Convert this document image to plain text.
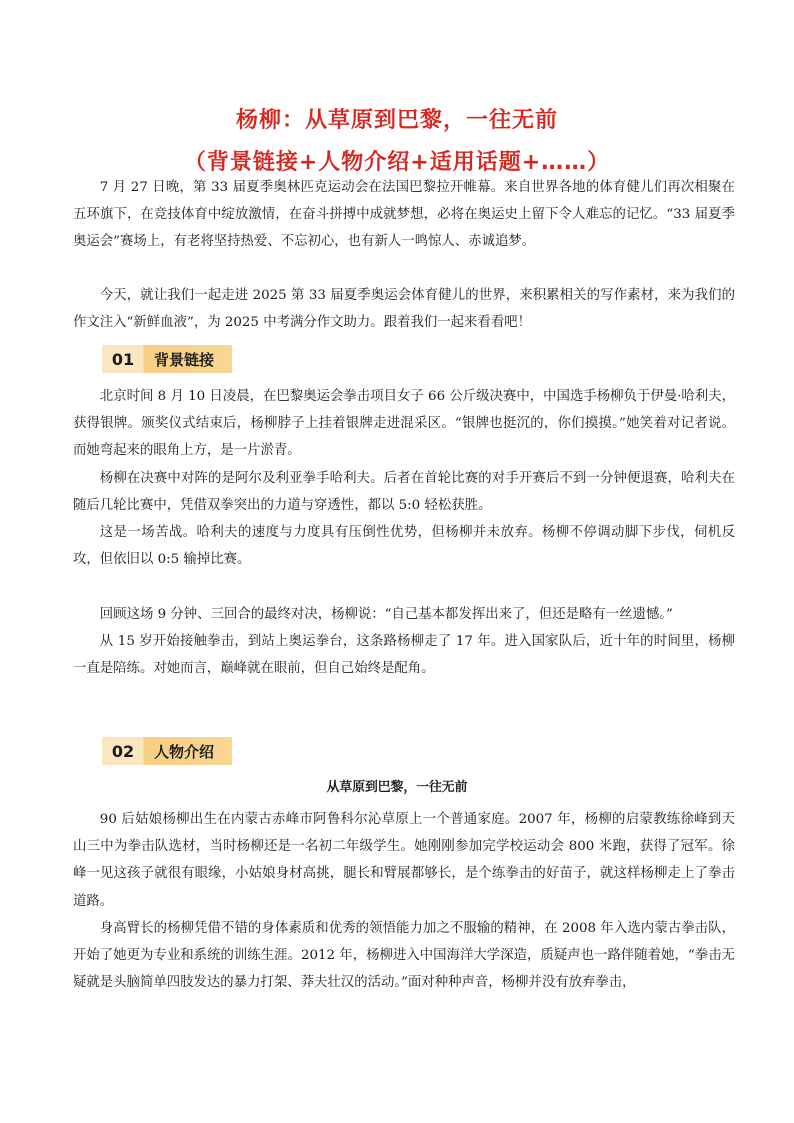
杨柳：从草原到巴黎，一往无前
（背景链接+人物介绍+适用话题+……）

7 月 27 日晚，第 33 届夏季奥林匹克运动会在法国巴黎拉开帷幕。来自世界各地的体育健儿们再次相聚在五环旗下，在竞技体育中绽放激情，在奋斗拼搏中成就梦想，必将在奥运史上留下令人难忘的记忆。“33 届夏季奥运会”赛场上，有老将坚持热爱、不忘初心，也有新人一鸣惊人、赤诚追梦。

今天，就让我们一起走进 2025 第 33 届夏季奥运会体育健儿的世界，来积累相关的写作素材，来为我们的作文注入“新鲜血液”，为 2025 中考满分作文助力。跟着我们一起来看看吧！

01	背景链接

北京时间 8 月 10 日凌晨，在巴黎奥运会拳击项目女子 66 公斤级决赛中，中国选手杨柳负于伊曼·哈利夫，获得银牌。颁奖仪式结束后，杨柳脖子上挂着银牌走进混采区。“银牌也挺沉的，你们摸摸。”她笑着对记者说。而她弯起来的眼角上方，是一片淤青。

杨柳在决赛中对阵的是阿尔及利亚拳手哈利夫。后者在首轮比赛的对手开赛后不到一分钟便退赛，哈利夫在随后几轮比赛中，凭借双拳突出的力道与穿透性，都以 5:0 轻松获胜。

这是一场苦战。哈利夫的速度与力度具有压倒性优势，但杨柳并未放弃。杨柳不停调动脚下步伐，伺机反攻，但依旧以 0:5 输掉比赛。

回顾这场 9 分钟、三回合的最终对决，杨柳说：“自己基本都发挥出来了，但还是略有一丝遗憾。”

从 15 岁开始接触拳击，到站上奥运拳台，这条路杨柳走了 17 年。进入国家队后，近十年的时间里，杨柳一直是陪练。对她而言，巅峰就在眼前，但自己始终是配角。

02	人物介绍
从草原到巴黎，一往无前

90 后姑娘杨柳出生在内蒙古赤峰市阿鲁科尔沁草原上一个普通家庭。2007 年，杨柳的启蒙教练徐峰到天山三中为拳击队选材，当时杨柳还是一名初二年级学生。她刚刚参加完学校运动会 800 米跑，获得了冠军。徐峰一见这孩子就很有眼缘，小姑娘身材高挑，腿长和臂展都够长，是个练拳击的好苗子，就这样杨柳走上了拳击道路。

身高臂长的杨柳凭借不错的身体素质和优秀的领悟能力加之不服输的精神，在 2008 年入选内蒙古拳击队，开始了她更为专业和系统的训练生涯。2012 年，杨柳进入中国海洋大学深造，质疑声也一路伴随着她，“拳击无疑就是头脑简单四肢发达的暴力打架、莽夫壮汉的活动。”面对种种声音，杨柳并没有放弃拳击，
